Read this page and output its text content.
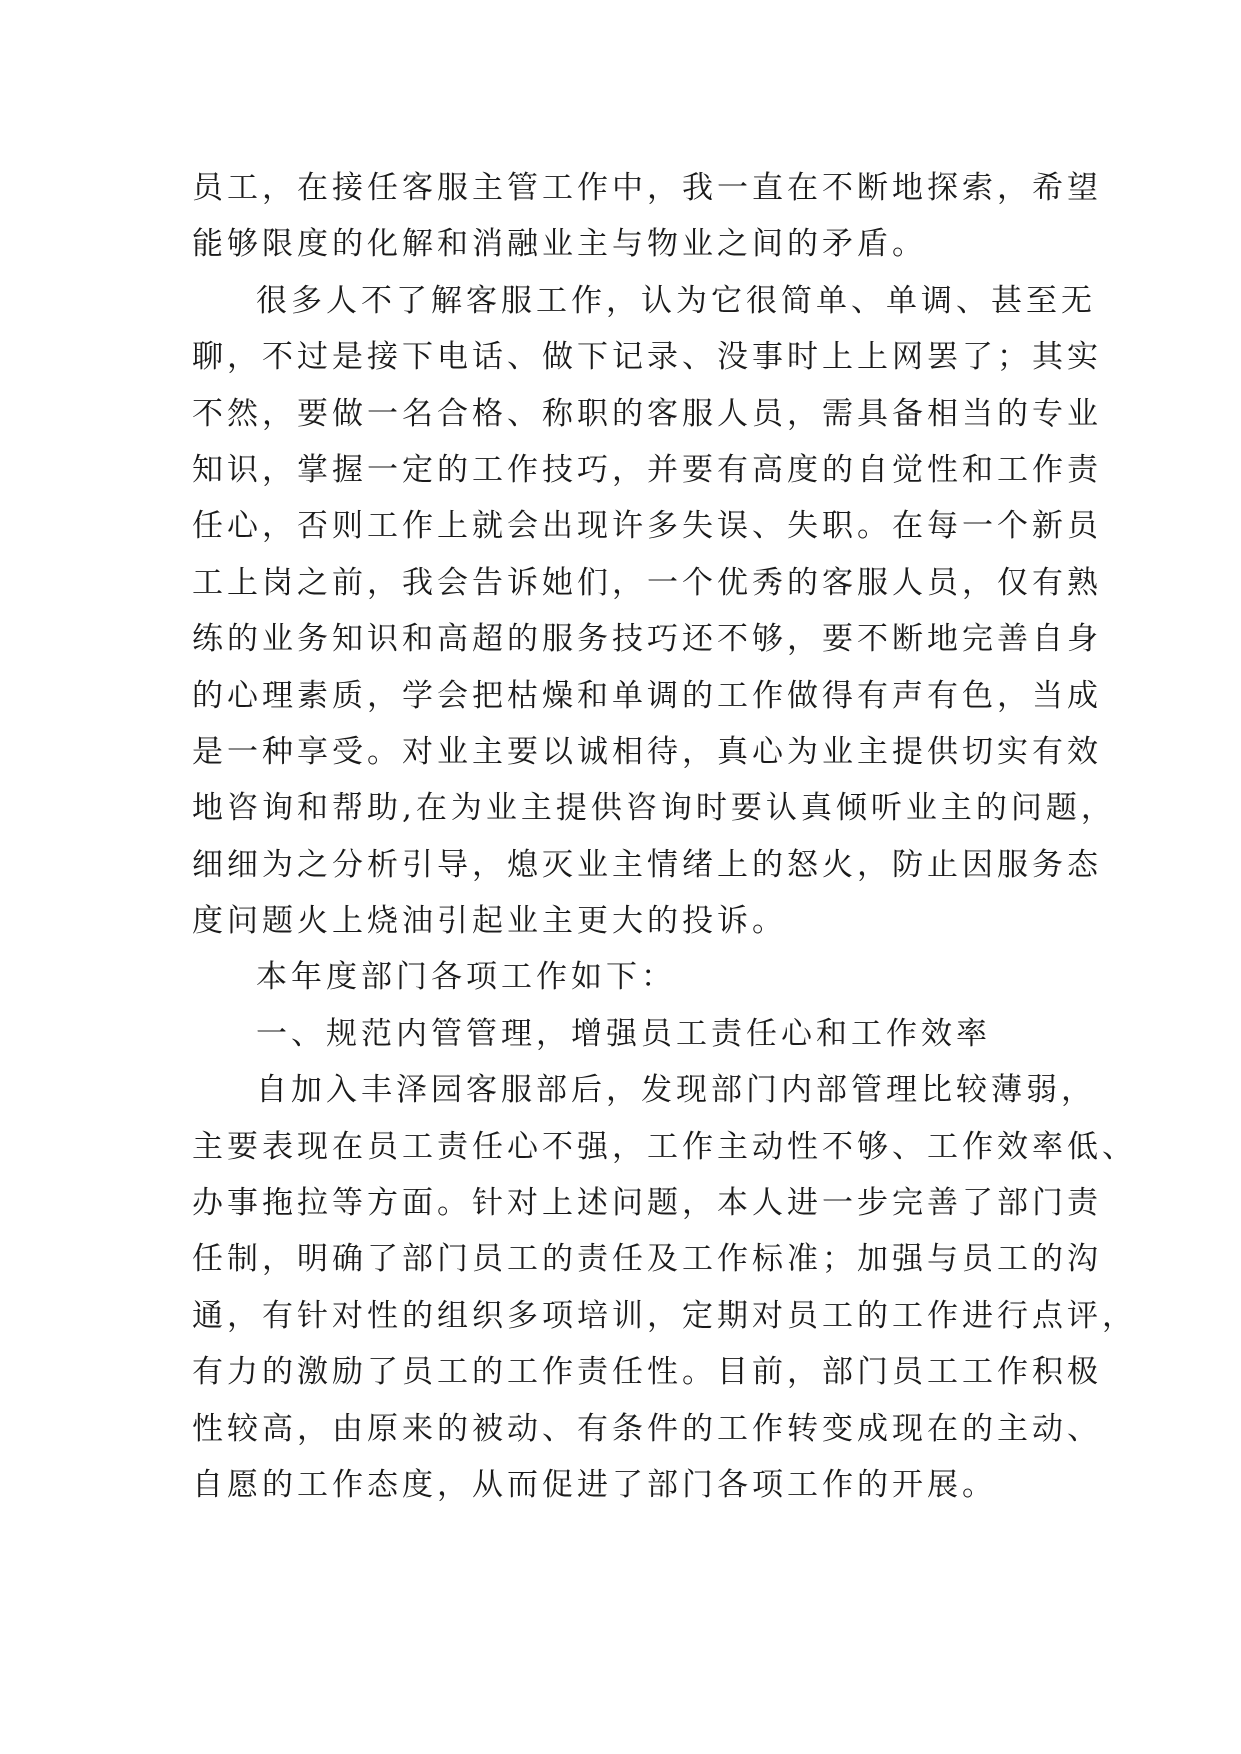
员工，在接任客服主管工作中，我一直在不断地探索，希望
能够限度的化解和消融业主与物业之间的矛盾。
很多人不了解客服工作，认为它很简单、单调、甚至无
聊，不过是接下电话、做下记录、没事时上上网罢了；其实
不然，要做一名合格、称职的客服人员，需具备相当的专业
知识，掌握一定的工作技巧，并要有高度的自觉性和工作责
任心，否则工作上就会出现许多失误、失职。在每一个新员
工上岗之前，我会告诉她们，一个优秀的客服人员，仅有熟
练的业务知识和高超的服务技巧还不够，要不断地完善自身
的心理素质，学会把枯燥和单调的工作做得有声有色，当成
是一种享受。对业主要以诚相待，真心为业主提供切实有效
地咨询和帮助,在为业主提供咨询时要认真倾听业主的问题，
细细为之分析引导，熄灭业主情绪上的怒火，防止因服务态
度问题火上烧油引起业主更大的投诉。
本年度部门各项工作如下：
一、规范内管管理，增强员工责任心和工作效率
自加入丰泽园客服部后，发现部门内部管理比较薄弱，
主要表现在员工责任心不强，工作主动性不够、工作效率低、
办事拖拉等方面。针对上述问题，本人进一步完善了部门责
任制，明确了部门员工的责任及工作标准；加强与员工的沟
通，有针对性的组织多项培训，定期对员工的工作进行点评，
有力的激励了员工的工作责任性。目前，部门员工工作积极
性较高，由原来的被动、有条件的工作转变成现在的主动、
自愿的工作态度，从而促进了部门各项工作的开展。
